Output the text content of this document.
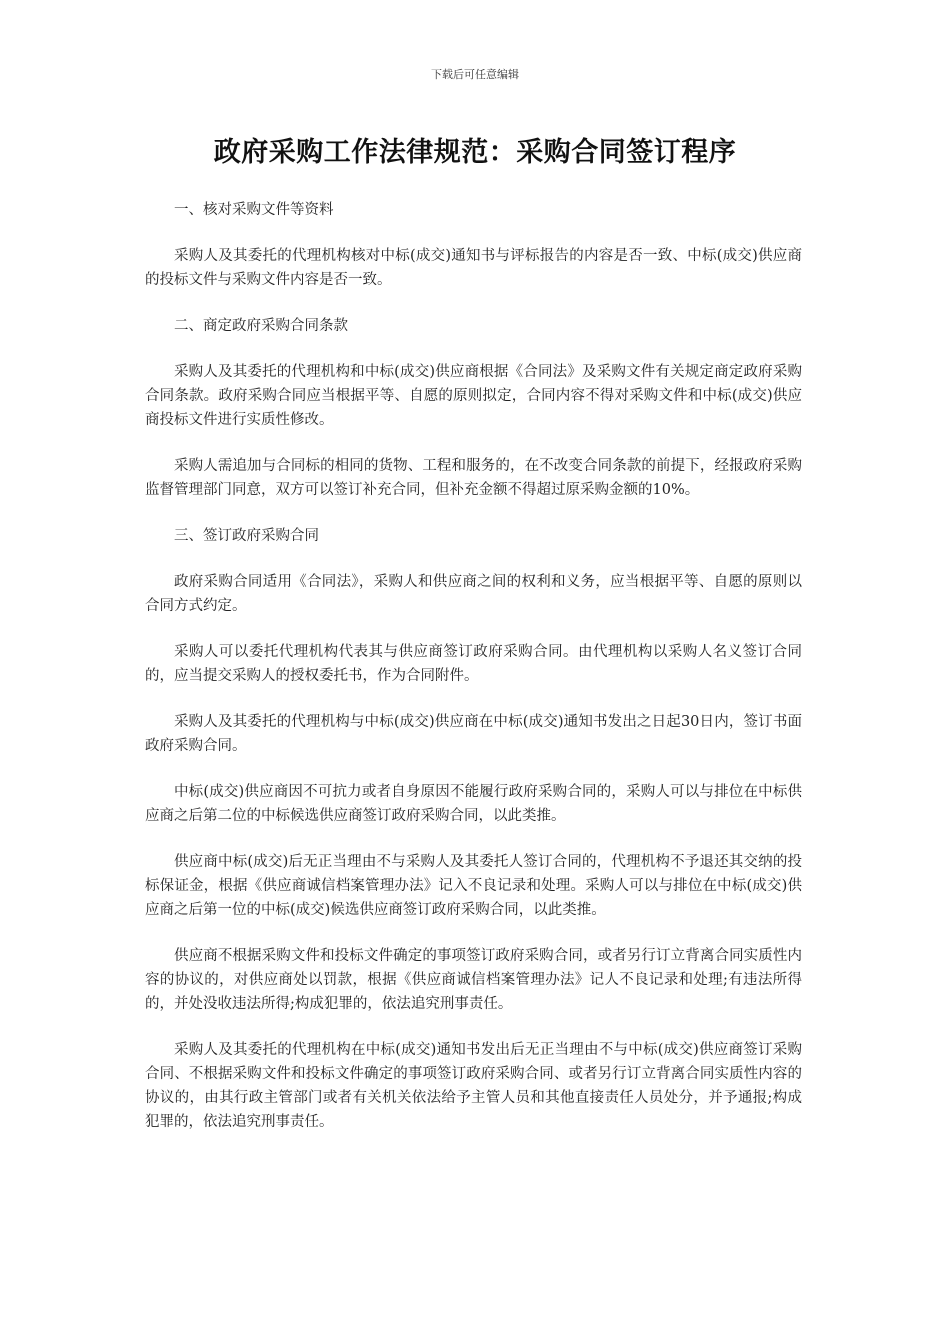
下载后可任意编辑
政府采购工作法律规范：采购合同签订程序

一、核对采购文件等资料

采购人及其委托的代理机构核对中标(成交)通知书与评标报告的内容是否一致、中标(成交)供应商的投标文件与采购文件内容是否一致。

二、商定政府采购合同条款

采购人及其委托的代理机构和中标(成交)供应商根据《合同法》及采购文件有关规定商定政府采购合同条款。政府采购合同应当根据平等、自愿的原则拟定，合同内容不得对采购文件和中标(成交)供应商投标文件进行实质性修改。

采购人需追加与合同标的相同的货物、工程和服务的，在不改变合同条款的前提下，经报政府采购监督管理部门同意，双方可以签订补充合同，但补充金额不得超过原采购金额的10%。

三、签订政府采购合同

政府采购合同适用《合同法》，采购人和供应商之间的权利和义务，应当根据平等、自愿的原则以合同方式约定。

采购人可以委托代理机构代表其与供应商签订政府采购合同。由代理机构以采购人名义签订合同的，应当提交采购人的授权委托书，作为合同附件。

采购人及其委托的代理机构与中标(成交)供应商在中标(成交)通知书发出之日起30日内，签订书面政府采购合同。

中标(成交)供应商因不可抗力或者自身原因不能履行政府采购合同的，采购人可以与排位在中标供应商之后第二位的中标候选供应商签订政府采购合同，以此类推。

供应商中标(成交)后无正当理由不与采购人及其委托人签订合同的，代理机构不予退还其交纳的投标保证金，根据《供应商诚信档案管理办法》记入不良记录和处理。采购人可以与排位在中标(成交)供应商之后第一位的中标(成交)候选供应商签订政府采购合同，以此类推。

供应商不根据采购文件和投标文件确定的事项签订政府采购合同，或者另行订立背离合同实质性内容的协议的，对供应商处以罚款，根据《供应商诚信档案管理办法》记人不良记录和处理;有违法所得的，并处没收违法所得;构成犯罪的，依法追究刑事责任。

采购人及其委托的代理机构在中标(成交)通知书发出后无正当理由不与中标(成交)供应商签订采购合同、不根据采购文件和投标文件确定的事项签订政府采购合同、或者另行订立背离合同实质性内容的协议的，由其行政主管部门或者有关机关依法给予主管人员和其他直接责任人员处分，并予通报;构成犯罪的，依法追究刑事责任。
